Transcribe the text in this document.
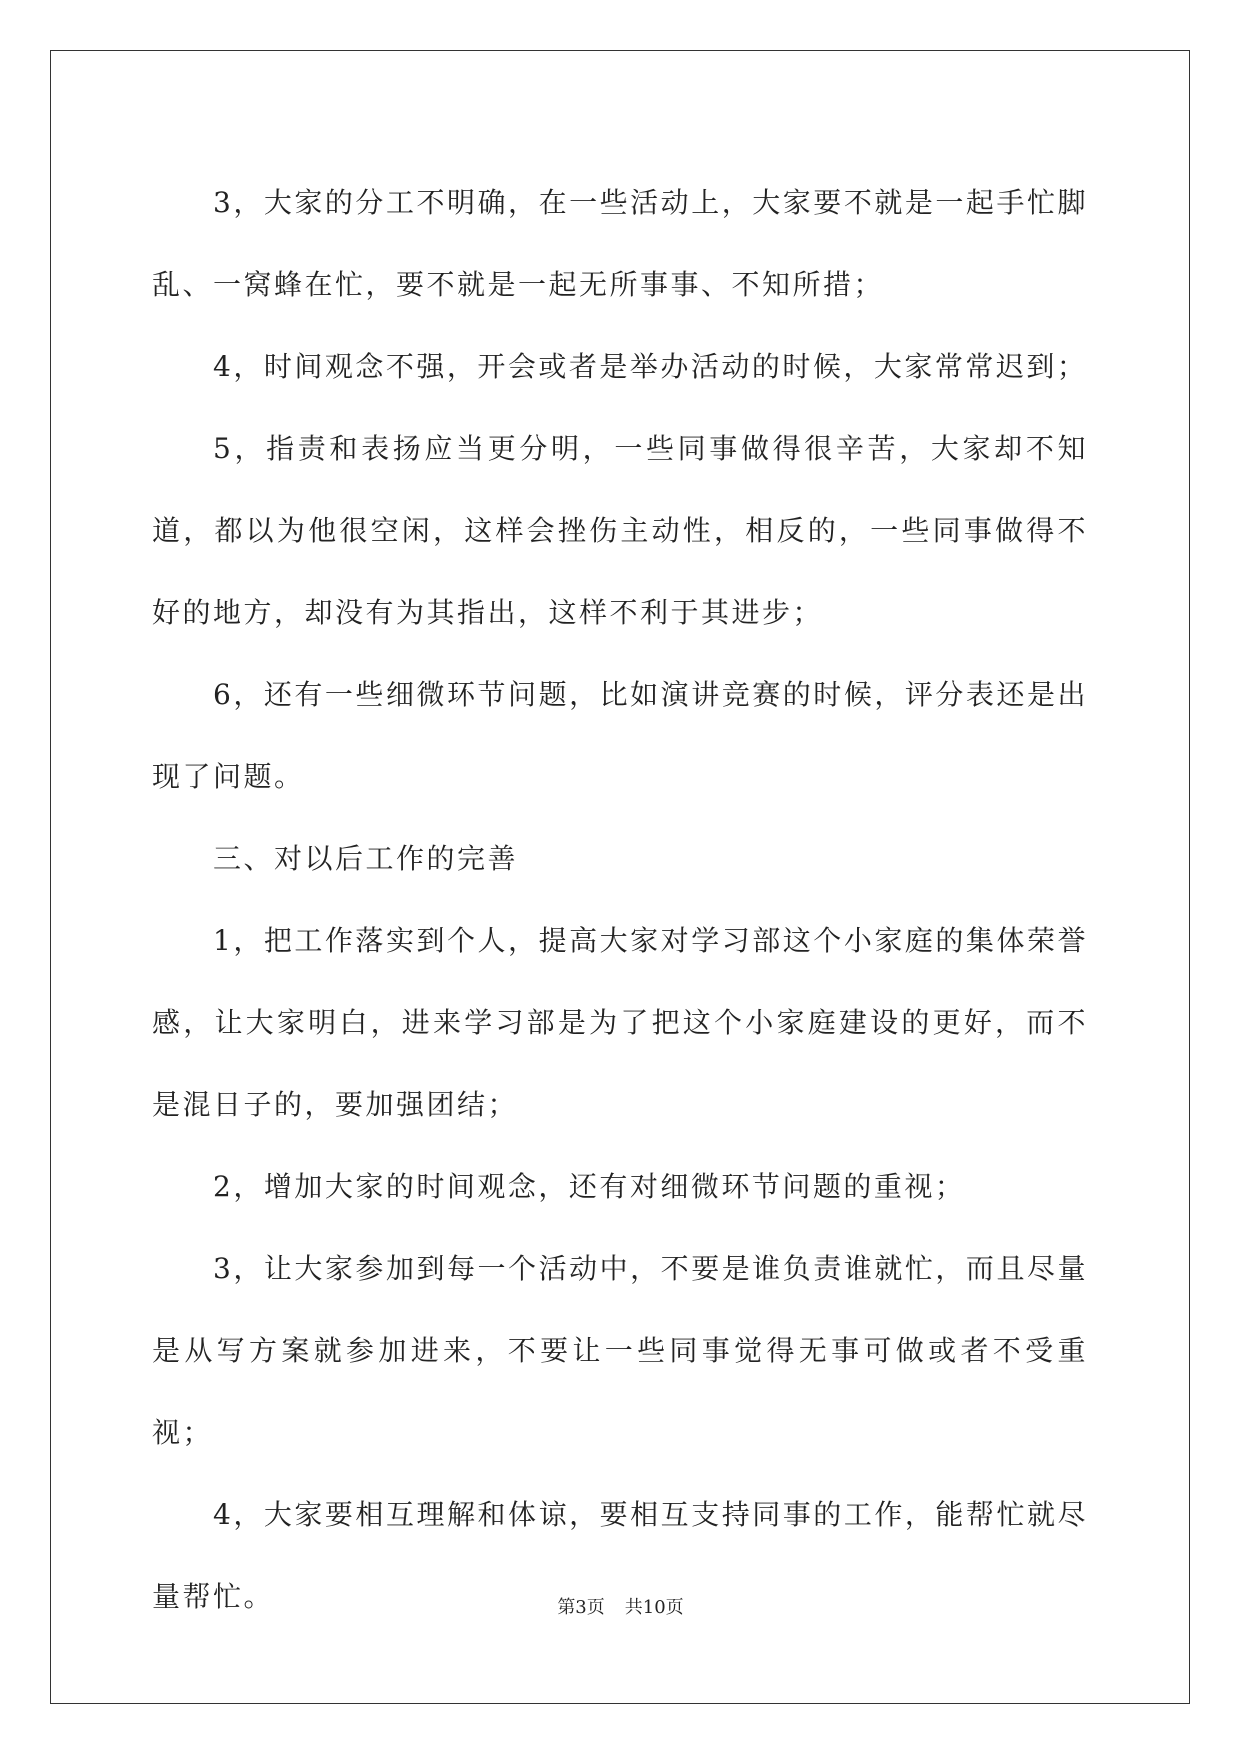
3，大家的分工不明确，在一些活动上，大家要不就是一起手忙脚乱、一窝蜂在忙，要不就是一起无所事事、不知所措；

4，时间观念不强，开会或者是举办活动的时候，大家常常迟到；

5，指责和表扬应当更分明，一些同事做得很辛苦，大家却不知道，都以为他很空闲，这样会挫伤主动性，相反的，一些同事做得不好的地方，却没有为其指出，这样不利于其进步；

6，还有一些细微环节问题，比如演讲竞赛的时候，评分表还是出现了问题。

三、对以后工作的完善

1，把工作落实到个人，提高大家对学习部这个小家庭的集体荣誉感，让大家明白，进来学习部是为了把这个小家庭建设的更好，而不是混日子的，要加强团结；

2，增加大家的时间观念，还有对细微环节问题的重视；

3，让大家参加到每一个活动中，不要是谁负责谁就忙，而且尽量是从写方案就参加进来，不要让一些同事觉得无事可做或者不受重视；

4，大家要相互理解和体谅，要相互支持同事的工作，能帮忙就尽量帮忙。	第3页 共10页
